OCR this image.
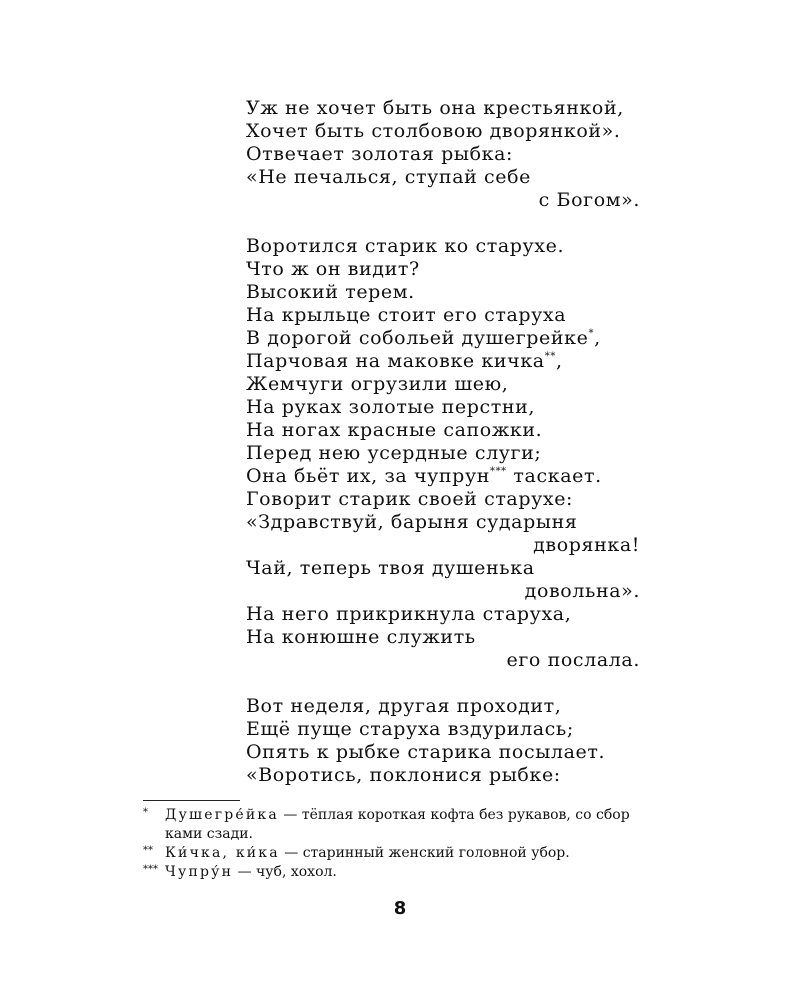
Уж не хочет быть она крестьянкой,
Хочет быть столбовою дворянкой».
Отвечает золотая рыбка:
«Не печалься, ступай себе
с Богом».
Воротился старик ко старухе.
Что ж он видит?
Высокий терем.
На крыльце стоит его старуха
В дорогой собольей душегрейке*,
Парчовая на маковке кичка**,
Жемчуги огрузили шею,
На руках золотые перстни,
На ногах красные сапожки.
Перед нею усердные слуги;
Она бьёт их, за чупрун*** таскает.
Говорит старик своей старухе:
«Здравствуй, барыня сударыня
дворянка!
Чай, теперь твоя душенька
довольна».
На него прикрикнула старуха,
На конюшне служить
его послала.
Вот неделя, другая проходит,
Ещё пуще старуха вздурилась;
Опять к рыбке старика посылает.
«Воротись, поклонися рыбке:
*	Душегре́йка — тёплая короткая кофта без рукавов, со сбор
ками сзади.
** Ки́чка, ки́ка — старинный женский головной убор.
*** Чупру́н — чуб, хохол.
8
